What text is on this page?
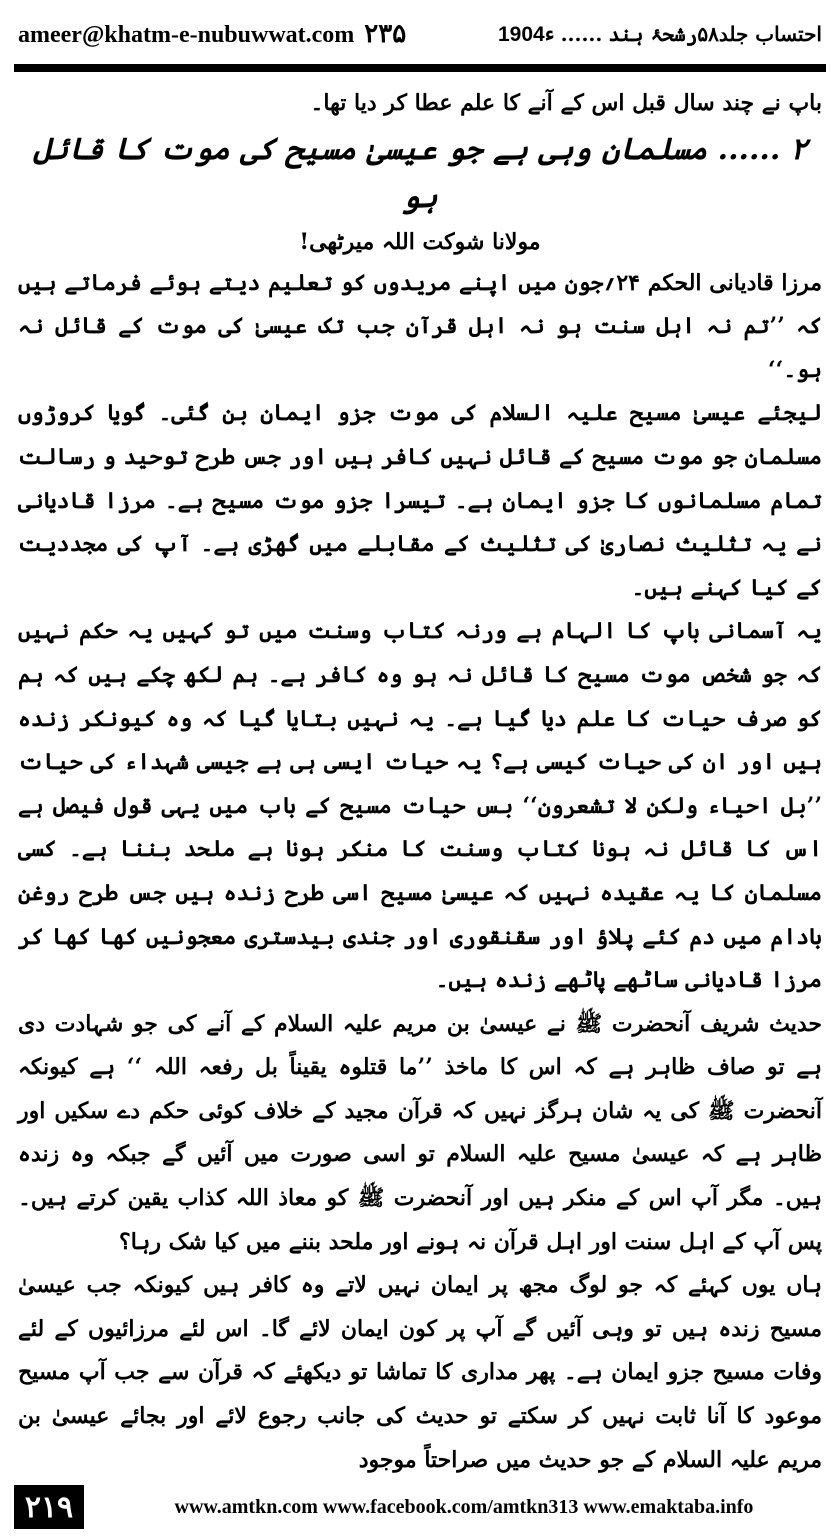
ameer@khatm-e-nubuwwat.com ۲۳۵	احتساب جلد۵۸رشحۂ ہند
......
1904ء

باپ نے چند سال قبل اس کے آنے کا علم عطا کر دیا تھا۔

۲ ...... مسلمان وہی ہے جو عیسیٰ مسیح کی موت کا قائل ہو

مولانا شوکت اللہ میرٹھی!

مرزا قادیانی الحکم ۲۴؍جون میں اپنے مریدوں کو تعلیم دیتے ہوئے فرماتے ہیں کہ ’’تم نہ اہل سنت ہو نہ اہل قرآن جب تک عیسیٰ کی موت کے قائل نہ ہو۔‘‘

لیجئے عیسیٰ مسیح علیہ السلام کی موت جزو ایمان بن گئی۔ گویا کروڑوں مسلمان جو موت مسیح کے قائل نہیں کافر ہیں اور جس طرح توحید و رسالت تمام مسلمانوں کا جزو ایمان ہے۔ تیسرا جزو موت مسیح ہے۔ مرزا قادیانی نے یہ تثلیث نصاریٰ کی تثلیث کے مقابلے میں گھڑی ہے۔ آپ کی مجددیت کے کیا کہنے ہیں۔

یہ آسمانی باپ کا الہام ہے ورنہ کتاب وسنت میں تو کہیں یہ حکم نہیں کہ جو شخص موت مسیح کا قائل نہ ہو وہ کافر ہے۔ ہم لکھ چکے ہیں کہ ہم کو صرف حیات کا علم دیا گیا ہے۔ یہ نہیں بتایا گیا کہ وہ کیونکر زندہ ہیں اور ان کی حیات کیسی ہے؟ یہ حیات ایسی ہی ہے جیسی شہداء کی حیات ’’بل احیاء ولکن لا تشعرون‘‘ بس حیات مسیح کے باب میں یہی قول فیصل ہے اس کا قائل نہ ہونا کتاب وسنت کا منکر ہونا ہے ملحد بننا ہے۔ کسی مسلمان کا یہ عقیدہ نہیں کہ عیسیٰ مسیح اسی طرح زندہ ہیں جس طرح روغن بادام میں دم کئے پلاؤ اور سقنقوری اور جندی بیدستری معجونیں کھا کھا کر مرزا قادیانی ساٹھے پاٹھے زندہ ہیں۔

حدیث شریف آنحضرت ﷺ نے عیسیٰ بن مریم علیہ السلام کے آنے کی جو شہادت دی ہے تو صاف ظاہر ہے کہ اس کا ماخذ ’’ما قتلوہ یقیناً بل رفعہ اللہ ‘‘ ہے کیونکہ آنحضرت ﷺ کی یہ شان ہرگز نہیں کہ قرآن مجید کے خلاف کوئی حکم دے سکیں اور ظاہر ہے کہ عیسیٰ مسیح علیہ السلام تو اسی صورت میں آئیں گے جبکہ وہ زندہ ہیں۔ مگر آپ اس کے منکر ہیں اور آنحضرت ﷺ کو معاذ اللہ کذاب یقین کرتے ہیں۔ پس آپ کے اہل سنت اور اہل قرآن نہ ہونے اور ملحد بننے میں کیا شک رہا؟

ہاں یوں کہئے کہ جو لوگ مجھ پر ایمان نہیں لاتے وہ کافر ہیں کیونکہ جب عیسیٰ مسیح زندہ ہیں تو وہی آئیں گے آپ پر کون ایمان لائے گا۔ اس لئے مرزائیوں کے لئے وفات مسیح جزو ایمان ہے۔ پھر مداری کا تماشا تو دیکھئے کہ قرآن سے جب آپ مسیح موعود کا آنا ثابت نہیں کر سکتے تو حدیث کی جانب رجوع لائے اور بجائے عیسیٰ بن مریم علیہ السلام کے جو حدیث میں صراحتاً موجود

۲۱۹	www.amtkn.com www.facebook.com/amtkn313 www.emaktaba.info
